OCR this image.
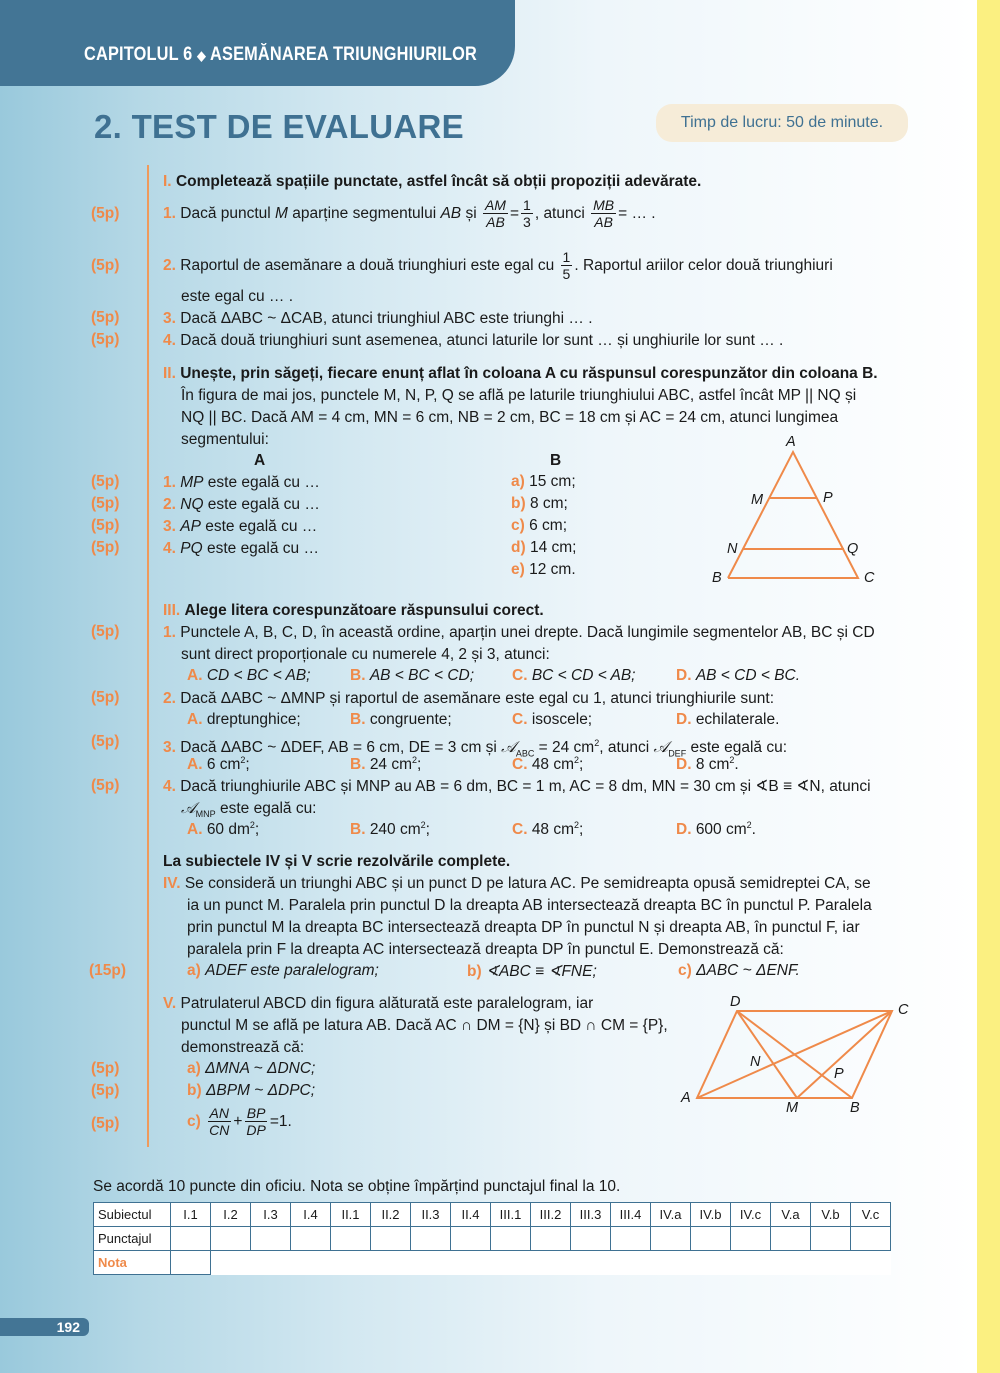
CAPITOLUL 6 ◆ ASEMĂNAREA TRIUNGHIURILOR
2. TEST DE EVALUARE	Timp de lucru: 50 de minute.
I. Completează spațiile punctate, astfel încât să obții propoziții adevărate.
(5p)	1. Dacă punctul M aparține segmentului AB și $\frac{AM}{AB} = \frac{1}{3}$ , atunci $\frac{MB}{AB}$ = … .
(5p)	2. Raportul de asemănare a două triunghiuri este egal cu $\frac{1}{5}$ . Raportul ariilor celor două triunghiuri
este egal cu … .
(5p)	3. Dacă ΔABC ~ ΔCAB, atunci triunghiul ABC este triunghi … .
(5p)	4. Dacă două triunghiuri sunt asemenea, atunci laturile lor sunt … și unghiurile lor sunt … .
II. Unește, prin săgeți, fiecare enunț aflat în coloana A cu răspunsul corespunzător din coloana B.
În figura de mai jos, punctele M, N, P, Q se află pe laturile triunghiului ABC, astfel încât MP || NQ și
NQ || BC. Dacă AM = 4 cm, MN = 6 cm, NB = 2 cm, BC = 18 cm și AC = 24 cm, atunci lungimea
segmentului:
A	B
(5p)	1. MP este egală cu …
(5p)	2. NQ este egală cu …
(5p)	3. AP este egală cu …
(5p)	4. PQ este egală cu …
a) 15 cm;
b) 8 cm;
c) 6 cm;
d) 14 cm;
e) 12 cm.
A
M	P
N	Q
B	C
III. Alege litera corespunzătoare răspunsului corect.
(5p)	1. Punctele A, B, C, D, în această ordine, aparțin unei drepte. Dacă lungimile segmentelor AB, BC și CD
sunt direct proporționale cu numerele 4, 2 și 3, atunci:
A. CD < BC < AB;	B. AB < BC < CD; C. BC < CD < AB;	D. AB < CD < BC.
(5p)	2. Dacă ΔABC ~ ΔMNP și raportul de asemănare este egal cu 1, atunci triunghiurile sunt:
A. dreptunghice;	B. congruente;	C. isoscele;	D. echilaterale.
(5p)	3. Dacă ΔABC ~ ΔDEF, AB = 6 cm, DE = 3 cm și 𝒜$_{ABC}$ = 24 $cm^2$, atunci 𝒜$_{DEF}$ este egală cu:
A. 6 $cm^2$;	B. 24 $cm^2$;	C. 48 $cm^2$;	D. 8 $cm^2$.
(5p)	4. Dacă triunghiurile ABC și MNP au AB = 6 dm, BC = 1 m, AC = 8 dm, MN = 30 cm și ∢B ≡ ∢N, atunci
𝒜$_{MNP}$ este egală cu:
A. 60 $dm^2$;	B. 240 $cm^2$;	C. 48 $cm^2$;	D. 600 $cm^2$.
La subiectele IV și V scrie rezolvările complete.
IV. Se consideră un triunghi ABC și un punct D pe latura AC. Pe semidreapta opusă semidreptei CA, se
ia un punct M. Paralela prin punctul D la dreapta AB intersectează dreapta BC în punctul P. Paralela
prin punctul M la dreapta BC intersectează dreapta DP în punctul N și dreapta AB, în punctul F, iar
paralela prin F la dreapta AC intersectează dreapta DP în punctul E. Demonstrează că:
(15p)	a) ADEF este paralelogram;	b) ∢ABC ≡ ∢FNE;	c) ΔABC ~ ΔENF.
V. Patrulaterul ABCD din figura alăturată este paralelogram, iar
punctul M se află pe latura AB. Dacă AC ∩ DM = {N} și BD ∩ CM = {P},
demonstrează că:
(5p)	a) ΔMNA ~ ΔDNC;
(5p)	b) ΔBPM ~ ΔDPC;
(5p)	$c) \frac{AN}{CN} + \frac{BP}{DP} =1$.
D	C
N
P
A
M	B
Se acordă 10 puncte din oficiu. Nota se obține împărțind punctajul final la 10.
Subiectul	I.1	I.2	I.3	I.4	II.1	II.2	II.3	II.4	III.1	III.2	III.3	III.4	IV.a	IV.b	IV.c	V.a	V.b	V.c
Punctajul																		
Nota																		
192
